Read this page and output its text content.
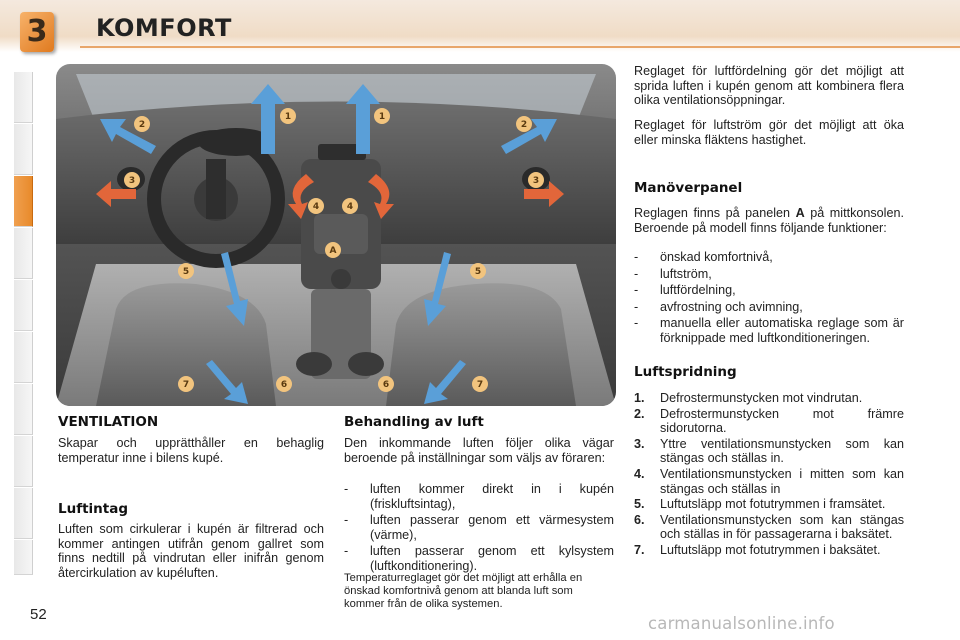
3 KOMFORT
1	1
2	2
3	3
4	4
5	5
6	6
7	7
A
VENTILATION
Skapar och upprätthåller en behaglig temperatur inne i bilens kupé.
Luftintag
Luften som cirkulerar i kupén är filtrerad och kommer antingen utifrån genom gallret som finns nedtill på vindrutan eller inifrån genom återcirkulation av kupéluften.
Behandling av luft
Den inkommande luften följer olika vägar beroende på inställningar som väljs av föraren:
- luften kommer direkt in i kupén (friskluftsintag),
- luften passerar genom ett värmesystem (värme),
- luften passerar genom ett kylsystem (luftkonditionering).
Temperaturreglaget gör det möjligt att erhålla en önskad komfortnivå genom att blanda luft som kommer från de olika systemen.
Reglaget för luftfördelning gör det möjligt att sprida luften i kupén genom att kombinera flera olika ventilationsöppningar.
Reglaget för luftström gör det möjligt att öka eller minska fläktens hastighet.
Manöverpanel
Reglagen finns på panelen A på mittkonsolen. Beroende på modell finns följande funktioner:
- önskad komfortnivå,
- luftström,
- luftfördelning,
- avfrostning och avimning,
- manuella eller automatiska reglage som är förknippade med luftkonditioneringen.
Luftspridning
1. Defrostermunstycken mot vindrutan.
2. Defrostermunstycken mot främre sidorutorna.
3. Yttre ventilationsmunstycken som kan stängas och ställas in.
4. Ventilationsmunstycken i mitten som kan stängas och ställas in
5. Luftutsläpp mot fotutrymmen i framsätet.
6. Ventilationsmunstycken som kan stängas och ställas in för passagerarna i baksätet.
7. Luftutsläpp mot fotutrymmen i baksätet.
52	carmanualsonline.info
